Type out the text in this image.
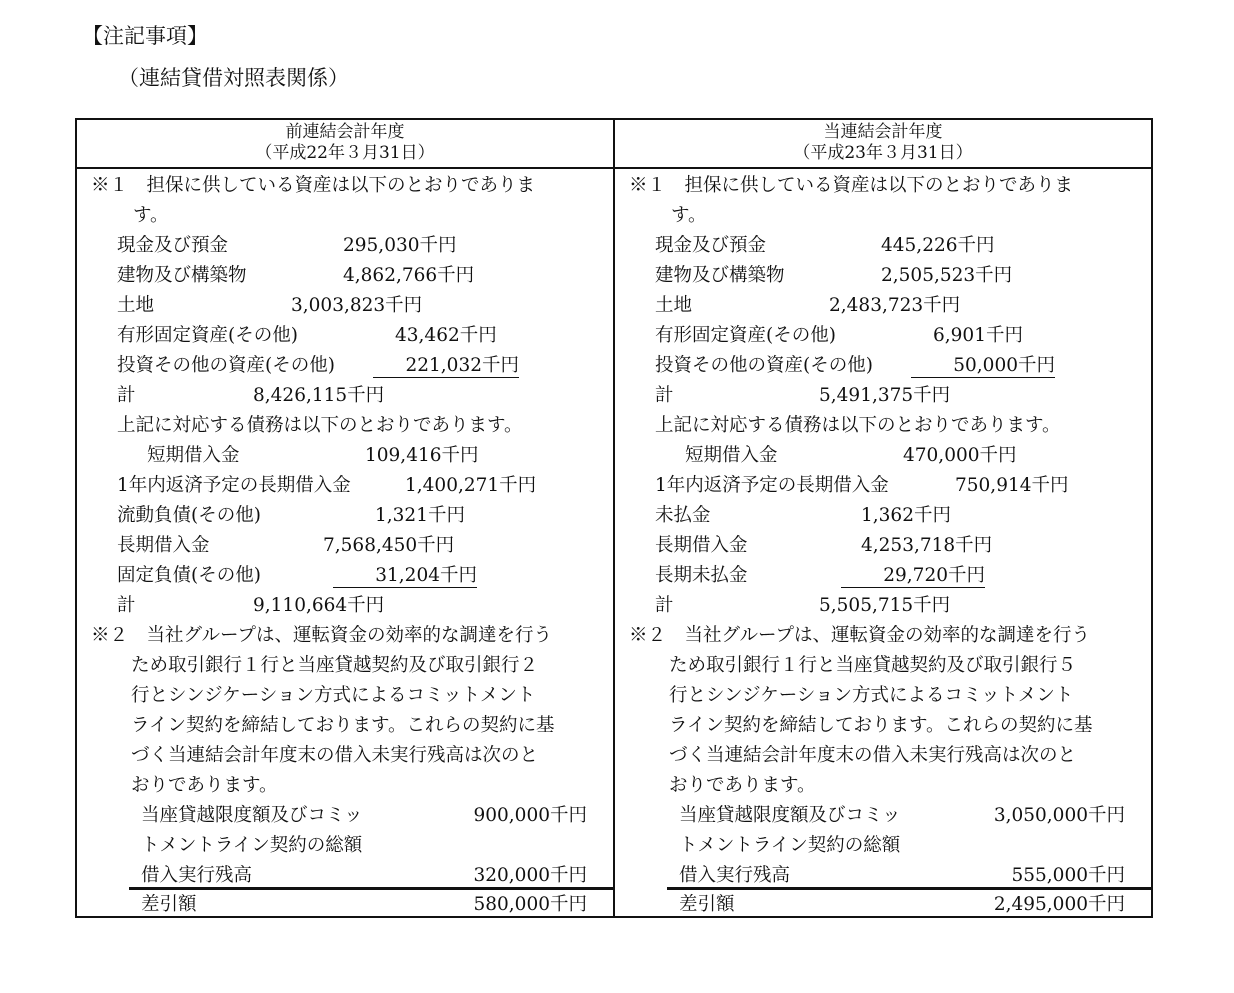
【注記事項】
（連結貸借対照表関係）
前連結会計年度
（平成22年３月31日）
※１　担保に供している資産は以下のとおりでありま
す。
現金及び預金	295,030千円
建物及び構築物	4,862,766千円
土地	3,003,823千円
有形固定資産(その他)	43,462千円
投資その他の資産(その他)	221,032千円
計	8,426,115千円
上記に対応する債務は以下のとおりであります。
短期借入金	109,416千円
1年内返済予定の長期借入金	1,400,271千円
流動負債(その他)	1,321千円
長期借入金	7,568,450千円
固定負債(その他)	31,204千円
計	9,110,664千円
※２　当社グループは、運転資金の効率的な調達を行う
ため取引銀行１行と当座貸越契約及び取引銀行２
行とシンジケーション方式によるコミットメント
ライン契約を締結しております。これらの契約に基
づく当連結会計年度末の借入未実行残高は次のと
おりであります。
当座貸越限度額及びコミッ
トメントライン契約の総額
900,000千円
借入実行残高	320,000千円
差引額	580,000千円
当連結会計年度
（平成23年３月31日）
※１　担保に供している資産は以下のとおりでありま
す。
現金及び預金	445,226千円
建物及び構築物	2,505,523千円
土地	2,483,723千円
有形固定資産(その他)	6,901千円
投資その他の資産(その他)	50,000千円
計	5,491,375千円
上記に対応する債務は以下のとおりであります。
短期借入金	470,000千円
1年内返済予定の長期借入金	750,914千円
未払金	1,362千円
長期借入金	4,253,718千円
長期未払金	29,720千円
計	5,505,715千円
※２　当社グループは、運転資金の効率的な調達を行う
ため取引銀行１行と当座貸越契約及び取引銀行５
行とシンジケーション方式によるコミットメント
ライン契約を締結しております。これらの契約に基
づく当連結会計年度末の借入未実行残高は次のと
おりであります。
当座貸越限度額及びコミッ
トメントライン契約の総額
3,050,000千円
借入実行残高	555,000千円
差引額	2,495,000千円
